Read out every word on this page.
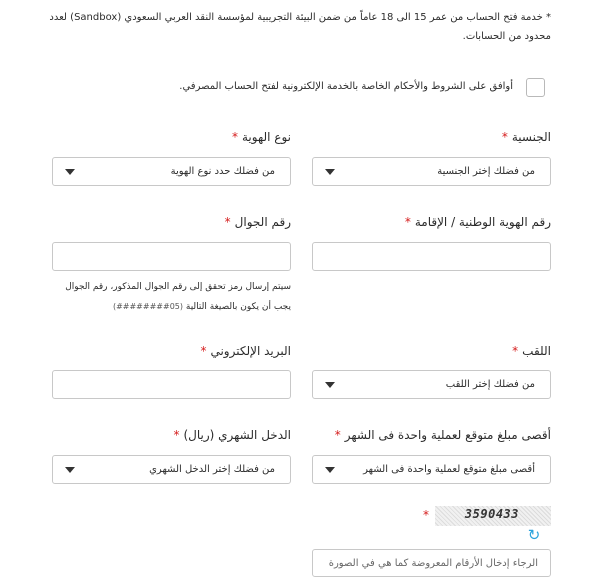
* خدمة فتح الحساب من عمر 15 الى 18 عاماً من ضمن البيئة التجريبية لمؤسسة النقد العربي السعودي (Sandbox) لعدد محدود من الحسابات.
أوافق على الشروط والأحكام الخاصة بالخدمة الإلكترونية لفتح الحساب المصرفي.
الجنسية*
نوع الهوية*
من فضلك إختر الجنسية
من فضلك حدد نوع الهوية
رقم الهوية الوطنية / الإقامة*
رقم الجوال*
سيتم إرسال رمز تحقق إلى رقم الجوال المذكور، رقم الجوال يجب أن يكون بالصيغة التالية (05########)
اللقب*
البريد الإلكتروني*
من فضلك إختر اللقب
أقصى مبلغ متوقع لعملية واحدة فى الشهر*
الدخل الشهري (ريال)*
أقصى مبلغ متوقع لعملية واحدة فى الشهر
من فضلك إختر الدخل الشهري
3590433
*
↻
الرجاء إدخال الأرقام المعروضة كما هي في الصورة
